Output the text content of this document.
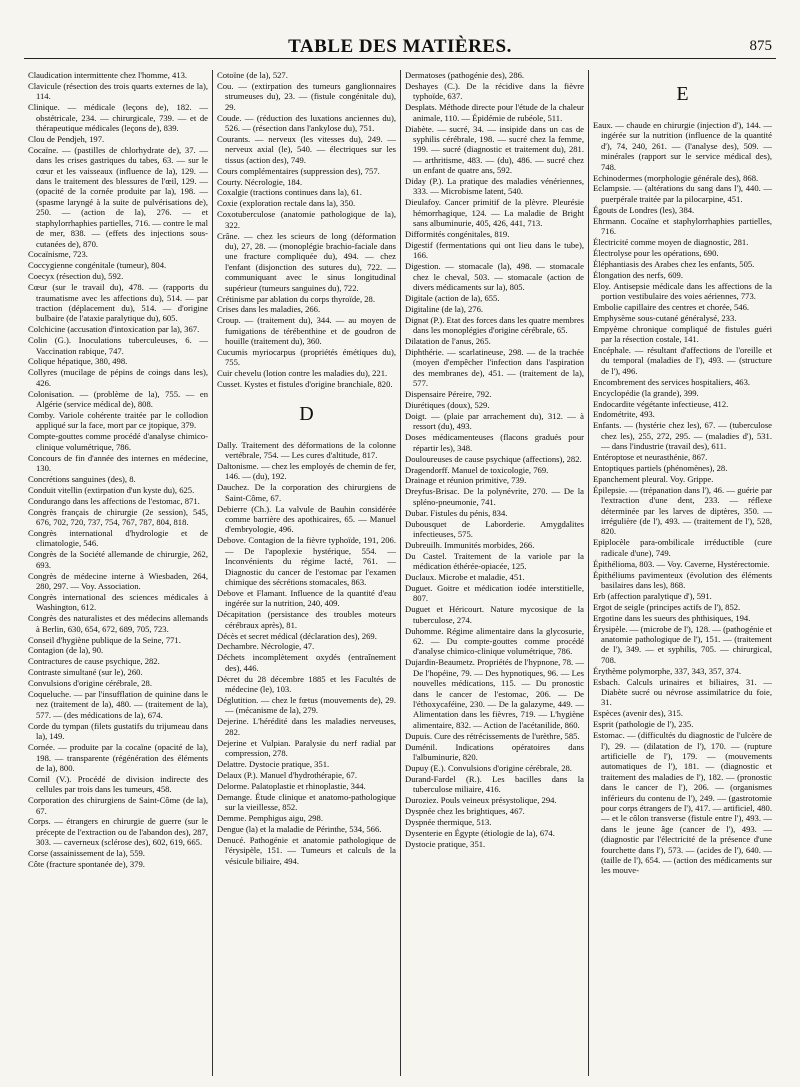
TABLE DES MATIÈRES.	875
Claudication intermittente chez l'homme, 413.
Clavicule (résection des trois quarts externes de la), 114.
Clinique. — médicale (leçons de), 182. — obstétricale, 234. — chirurgicale, 739. — et de thérapeutique médicales (leçons de), 839.
Clou de Pendjeh, 197.
Cocaïne. — (pastilles de chlorhydrate de), 37. — dans les crises gastriques du tabes, 63. — sur le cœur et les vaisseaux (influence de la), 129. — dans le traitement des blessures de l'œil, 129. — (opacité de la cornée produite par la), 198. — (spasme laryngé à la suite de pulvérisations de), 250. — (action de la), 276. — et staphylorrhaphies partielles, 716. — contre le mal de mer, 838. — (effets des injections sous-cutanées de), 870.
Cocaïnisme, 723.
Coccygienne congénitale (tumeur), 804.
Coecyx (résection du), 592.
Cœur (sur le travail du), 478. — (rapports du traumatisme avec les affections du), 514. — par traction (déplacement du), 514. — d'origine bulbaire (de l'ataxie paralytique du), 605.
Colchicine (accusation d'intoxication par la), 367.
Colin (G.). Inoculations tuberculeuses, 6. — Vaccination rabique, 747.
Colique hépatique, 380, 498.
Collyres (mucilage de pépins de coings dans les), 426.
Colonisation. — (problème de la), 755. — en Algérie (service médical de), 808.
Comby. Variole cohérente traitée par le collodion appliqué sur la face, mort par ce jtopique, 379.
Compte-gouttes comme procédé d'analyse chimico-clinique volumétrique, 786.
Concours de fin d'année des internes en médecine, 130.
Concrétions sanguines (des), 8.
Conduit vitellin (extirpation d'un kyste du), 625.
Condurango dans les affections de l'estomac, 871.
Congrès français de chirurgie (2e session), 545, 676, 702, 720, 737, 754, 767, 787, 804, 818.
Congrès international d'hydrologie et de climatologie, 546.
Congrès de la Société allemande de chirurgie, 262, 693.
Congrès de médecine interne à Wiesbaden, 264, 280, 297. — Voy. Association.
Congrès international des sciences médicales à Washington, 612.
Congrès des naturalistes et des médecins allemands à Berlin, 630, 654, 672, 689, 705, 723.
Conseil d'hygiène publique de la Seine, 771.
Contagion (de la), 90.
Contractures de cause psychique, 282.
Contraste simultané (sur le), 260.
Convulsions d'origine cérébrale, 28.
Coqueluche. — par l'insufflation de quinine dans le nez (traitement de la), 480. — (traitement de la), 577. — (des médications de la), 674.
Corde du tympan (filets gustatifs du trijumeau dans la), 149.
Cornée. — produite par la cocaïne (opacité de la), 198. — transparente (régénération des éléments de la), 800.
Cornil (V.). Procédé de division indirecte des cellules par trois dans les tumeurs, 458.
Corporation des chirurgiens de Saint-Côme (de la), 67.
Corps. — étrangers en chirurgie de guerre (sur le précepte de l'extraction ou de l'abandon des), 287, 303. — caverneux (sclérose des), 602, 619, 665.
Corse (assainissement de la), 559.
Côte (fracture spontanée de), 379.
Cotoïne (de la), 527.
Cou. — (extirpation des tumeurs ganglionnaires strumeuses du), 23. — (fistule congénitale du), 29.
Coude. — (réduction des luxations anciennes du), 526. — (résection dans l'ankylose du), 751.
Courants. — nerveux (les vitesses du), 249. — nerveux axial (le), 540. — électriques sur les tissus (action des), 749.
Cours complémentaires (suppression des), 757.
Courty. Nécrologie, 184.
Coxalgie (tractions continues dans la), 61.
Coxie (exploration rectale dans la), 350.
Coxotuberculose (anatomie pathologique de la), 322.
Crâne. — chez les scieurs de long (déformation du), 27, 28. — (monoplégie brachio-faciale dans une fracture compliquée du), 494. — chez l'enfant (disjonction des sutures du), 722. — communiquant avec le sinus longitudinal supérieur (tumeurs sanguines du), 722.
Crétinisme par ablation du corps thyroïde, 28.
Crises dans les maladies, 266.
Croup. — (traitement du), 344. — au moyen de fumigations de térébenthine et de goudron de houille (traitement du), 360.
Cucumis myriocarpus (propriétés émétiques du), 755.
Cuir chevelu (lotion contre les maladies du), 221.
Cusset. Kystes et fistules d'origine branchiale, 820.
D
Dally. Traitement des déformations de la colonne vertébrale, 754. — Les cures d'altitude, 817.
Daltonisme. — chez les employés de chemin de fer, 146. — (du), 192.
Dauchez. De la corporation des chirurgiens de Saint-Côme, 67.
Debierre (Ch.). La valvule de Bauhin considérée comme barrière des apothicaires, 65. — Manuel d'embryologie, 496.
Debove. Contagion de la fièvre typhoïde, 191, 206. — De l'apoplexie hystérique, 554. — Inconvénients du régime lacté, 761. — Diagnostic du cancer de l'estomac par l'examen chimique des sécrétions stomacales, 863.
Debove et Flamant. Influence de la quantité d'eau ingérée sur la nutrition, 240, 409.
Décapitation (persistance des troubles moteurs cérébraux après), 81.
Décès et secret médical (déclaration des), 269.
Dechambre. Nécrologie, 47.
Déchets incomplètement oxydés (entraînement des), 446.
Décret du 28 décembre 1885 et les Facultés de médecine (le), 103.
Déglutition. — chez le fœtus (mouvements de), 29. — (mécanisme de la), 279.
Dejerine. L'hérédité dans les maladies nerveuses, 282.
Dejerine et Vulpian. Paralysie du nerf radial par compression, 278.
Delattre. Dystocie pratique, 351.
Delaux (P.). Manuel d'hydrothérapie, 67.
Delorme. Palatoplastie et rhinoplastie, 344.
Demange. Étude clinique et anatomo-pathologique sur la vieillesse, 852.
Demme. Pemphigus aigu, 298.
Dengue (la) et la maladie de Périnthe, 534, 566.
Denucé. Pathogénie et anatomie pathologique de l'érysipèle, 151. — Tumeurs et calculs de la vésicule biliaire, 494.
Dermatoses (pathogénie des), 286.
Deshayes (C.). De la récidive dans la fièvre typhoïde, 637.
Desplats. Méthode directe pour l'étude de la chaleur animale, 110. — Épidémie de rubéole, 511.
Diabète. — sucré, 34. — insipide dans un cas de syphilis cérébrale, 198. — sucré chez la femme, 199. — sucré (diagnostic et traitement du), 281. — arthritisme, 483. — (du), 486. — sucré chez un enfant de quatre ans, 592.
Diday (P.). La pratique des maladies vénériennes, 333. — Microbisme latent, 540.
Dieulafoy. Cancer primitif de la plèvre. Pleurésie hémorrhagique, 124. — La maladie de Bright sans albuminurie, 405, 426, 441, 713.
Difformités congénitales, 819.
Digestif (fermentations qui ont lieu dans le tube), 166.
Digestion. — stomacale (la), 498. — stomacale chez le cheval, 503. — stomacale (action de divers médicaments sur la), 805.
Digitale (action de la), 655.
Digitaline (de la), 276.
Dignat (P.). Etat des forces dans les quatre membres dans les monoplégies d'origine cérébrale, 65.
Dilatation de l'anus, 265.
Diphthérie. — scarlatineuse, 298. — de la trachée (moyen d'empêcher l'infection dans l'aspiration des membranes de), 451. — (traitement de la), 577.
Dispensaire Péreire, 792.
Diurétiques (doux), 529.
Doigt. — (plaie par arrachement du), 312. — à ressort (du), 493.
Doses médicamenteuses (flacons gradués pour répartir les), 348.
Douloureuses de cause psychique (affections), 282.
Dragendorff. Manuel de toxicologie, 769.
Drainage et réunion primitive, 739.
Dreyfus-Brisac. De la polynévrite, 270. — De la spléno-pneumonie, 741.
Dubar. Fistules du pénis, 834.
Dubousquet de Laborderie. Amygdalites infectieuses, 575.
Dubreuilh. Immunités morbides, 266.
Du Castel. Traitement de la variole par la médication éthérée-opiacée, 125.
Duclaux. Microbe et maladie, 451.
Duguet. Goitre et médication iodée interstitielle, 807.
Duguet et Héricourt. Nature mycosique de la tuberculose, 274.
Duhomme. Régime alimentaire dans la glycosurie, 62. — Du compte-gouttes comme procédé d'analyse chimico-clinique volumétrique, 786.
Dujardin-Beaumetz. Propriétés de l'hypnone, 78. — De l'hopéine, 79. — Des hypnotiques, 96. — Les nouvelles médications, 115. — Du pronostic dans le cancer de l'estomac, 206. — De l'éthoxycaféine, 230. — De la galazyme, 449. — Alimentation dans les fièvres, 719. — L'hygiène alimentaire, 832. — Action de l'acétanilide, 860.
Dupuis. Cure des rétrécissements de l'urèthre, 585.
Duménil. Indications opératoires dans l'albuminurie, 820.
Dupuy (E.). Convulsions d'origine cérébrale, 28.
Durand-Fardel (R.). Les bacilles dans la tuberculose miliaire, 416.
Duroziez. Pouls veineux présystolique, 294.
Dyspnée chez les brightiques, 467.
Dyspnée thermique, 513.
Dysenterie en Égypte (étiologie de la), 674.
Dystocie pratique, 351.
E
Eaux. — chaude en chirurgie (injection d'), 144. — ingérée sur la nutrition (influence de la quantité d'), 74, 240, 261. — (l'analyse des), 509. — minérales (rapport sur le service médical des), 748.
Echinodermes (morphologie générale des), 868.
Eclampsie. — (altérations du sang dans l'), 440. — puerpérale traitée par la pilocarpine, 451.
Égouts de Londres (les), 384.
Ehrmann. Cocaïne et staphylorrhaphies partielles, 716.
Électricité comme moyen de diagnostic, 281.
Électrolyse pour les opérations, 690.
Éléphantiasis des Arabes chez les enfants, 505.
Élongation des nerfs, 609.
Eloy. Antisepsie médicale dans les affections de la portion vestibulaire des voies aériennes, 773.
Embolie capillaire des centres et chorée, 546.
Emphysème sous-cutané généralysé, 233.
Empyème chronique compliqué de fistules guéri par la résection costale, 141.
Encéphale. — résultant d'affections de l'oreille et du temporal (maladies de l'), 493. — (structure de l'), 496.
Encombrement des services hospitaliers, 463.
Encyclopédie (la grande), 399.
Endocardite végétante infectieuse, 412.
Endométrite, 493.
Enfants. — (hystérie chez les), 67. — (tuberculose chez les), 255, 272, 295. — (maladies d'), 531. — dans l'industrie (travail des), 611.
Entéroptose et neurasthénie, 867.
Entoptiques partiels (phénomènes), 28.
Epanchement pleural. Voy. Grippe.
Épilepsie. — (trépanation dans l'), 46. — guérie par l'extraction d'une dent, 233. — réflexe déterminée par les larves de diptères, 350. — irrégulière (de l'), 493. — (traitement de l'), 528, 820.
Epiplocèle para-ombilicale irréductible (cure radicale d'une), 749.
Épithélioma, 803. — Voy. Caverne, Hystérectomie.
Épithéliums pavimenteux (évolution des éléments basilaires dans les), 868.
Erb (affection paralytique d'), 591.
Ergot de seigle (principes actifs de l'), 852.
Ergotine dans les sueurs des phthisiques, 194.
Érysipèle. — (microbe de l'), 128. — (pathogénie et anatomie pathologique de l'), 151. — (traitement de l'), 349. — et syphilis, 705. — chirurgical, 708.
Érythème polymorphe, 337, 343, 357, 374.
Esbach. Calculs urinaires et biliaires, 31. — Diabète sucré ou névrose assimilatrice du foie, 31.
Espèces (avenir des), 315.
Esprit (pathologie de l'), 235.
Estomac. — (difficultés du diagnostic de l'ulcère de l'), 29. — (dilatation de l'), 170. — (rupture artificielle de l'), 179. — (mouvements automatiques de l'), 181. — (diagnostic et traitement des maladies de l'), 182. — (pronostic dans le cancer de l'), 206. — (organismes inférieurs du contenu de l'), 249. — (gastrotomie pour corps étrangers de l'), 417. — artificiel, 480. — et le côlon transverse (fistule entre l'), 493. — dans le jeune âge (cancer de l'), 493. — (diagnostic par l'électricité de la présence d'une fourchette dans l'), 573. — (acides de l'), 640. — (taille de l'), 654. — (action des médicaments sur les mouve-
